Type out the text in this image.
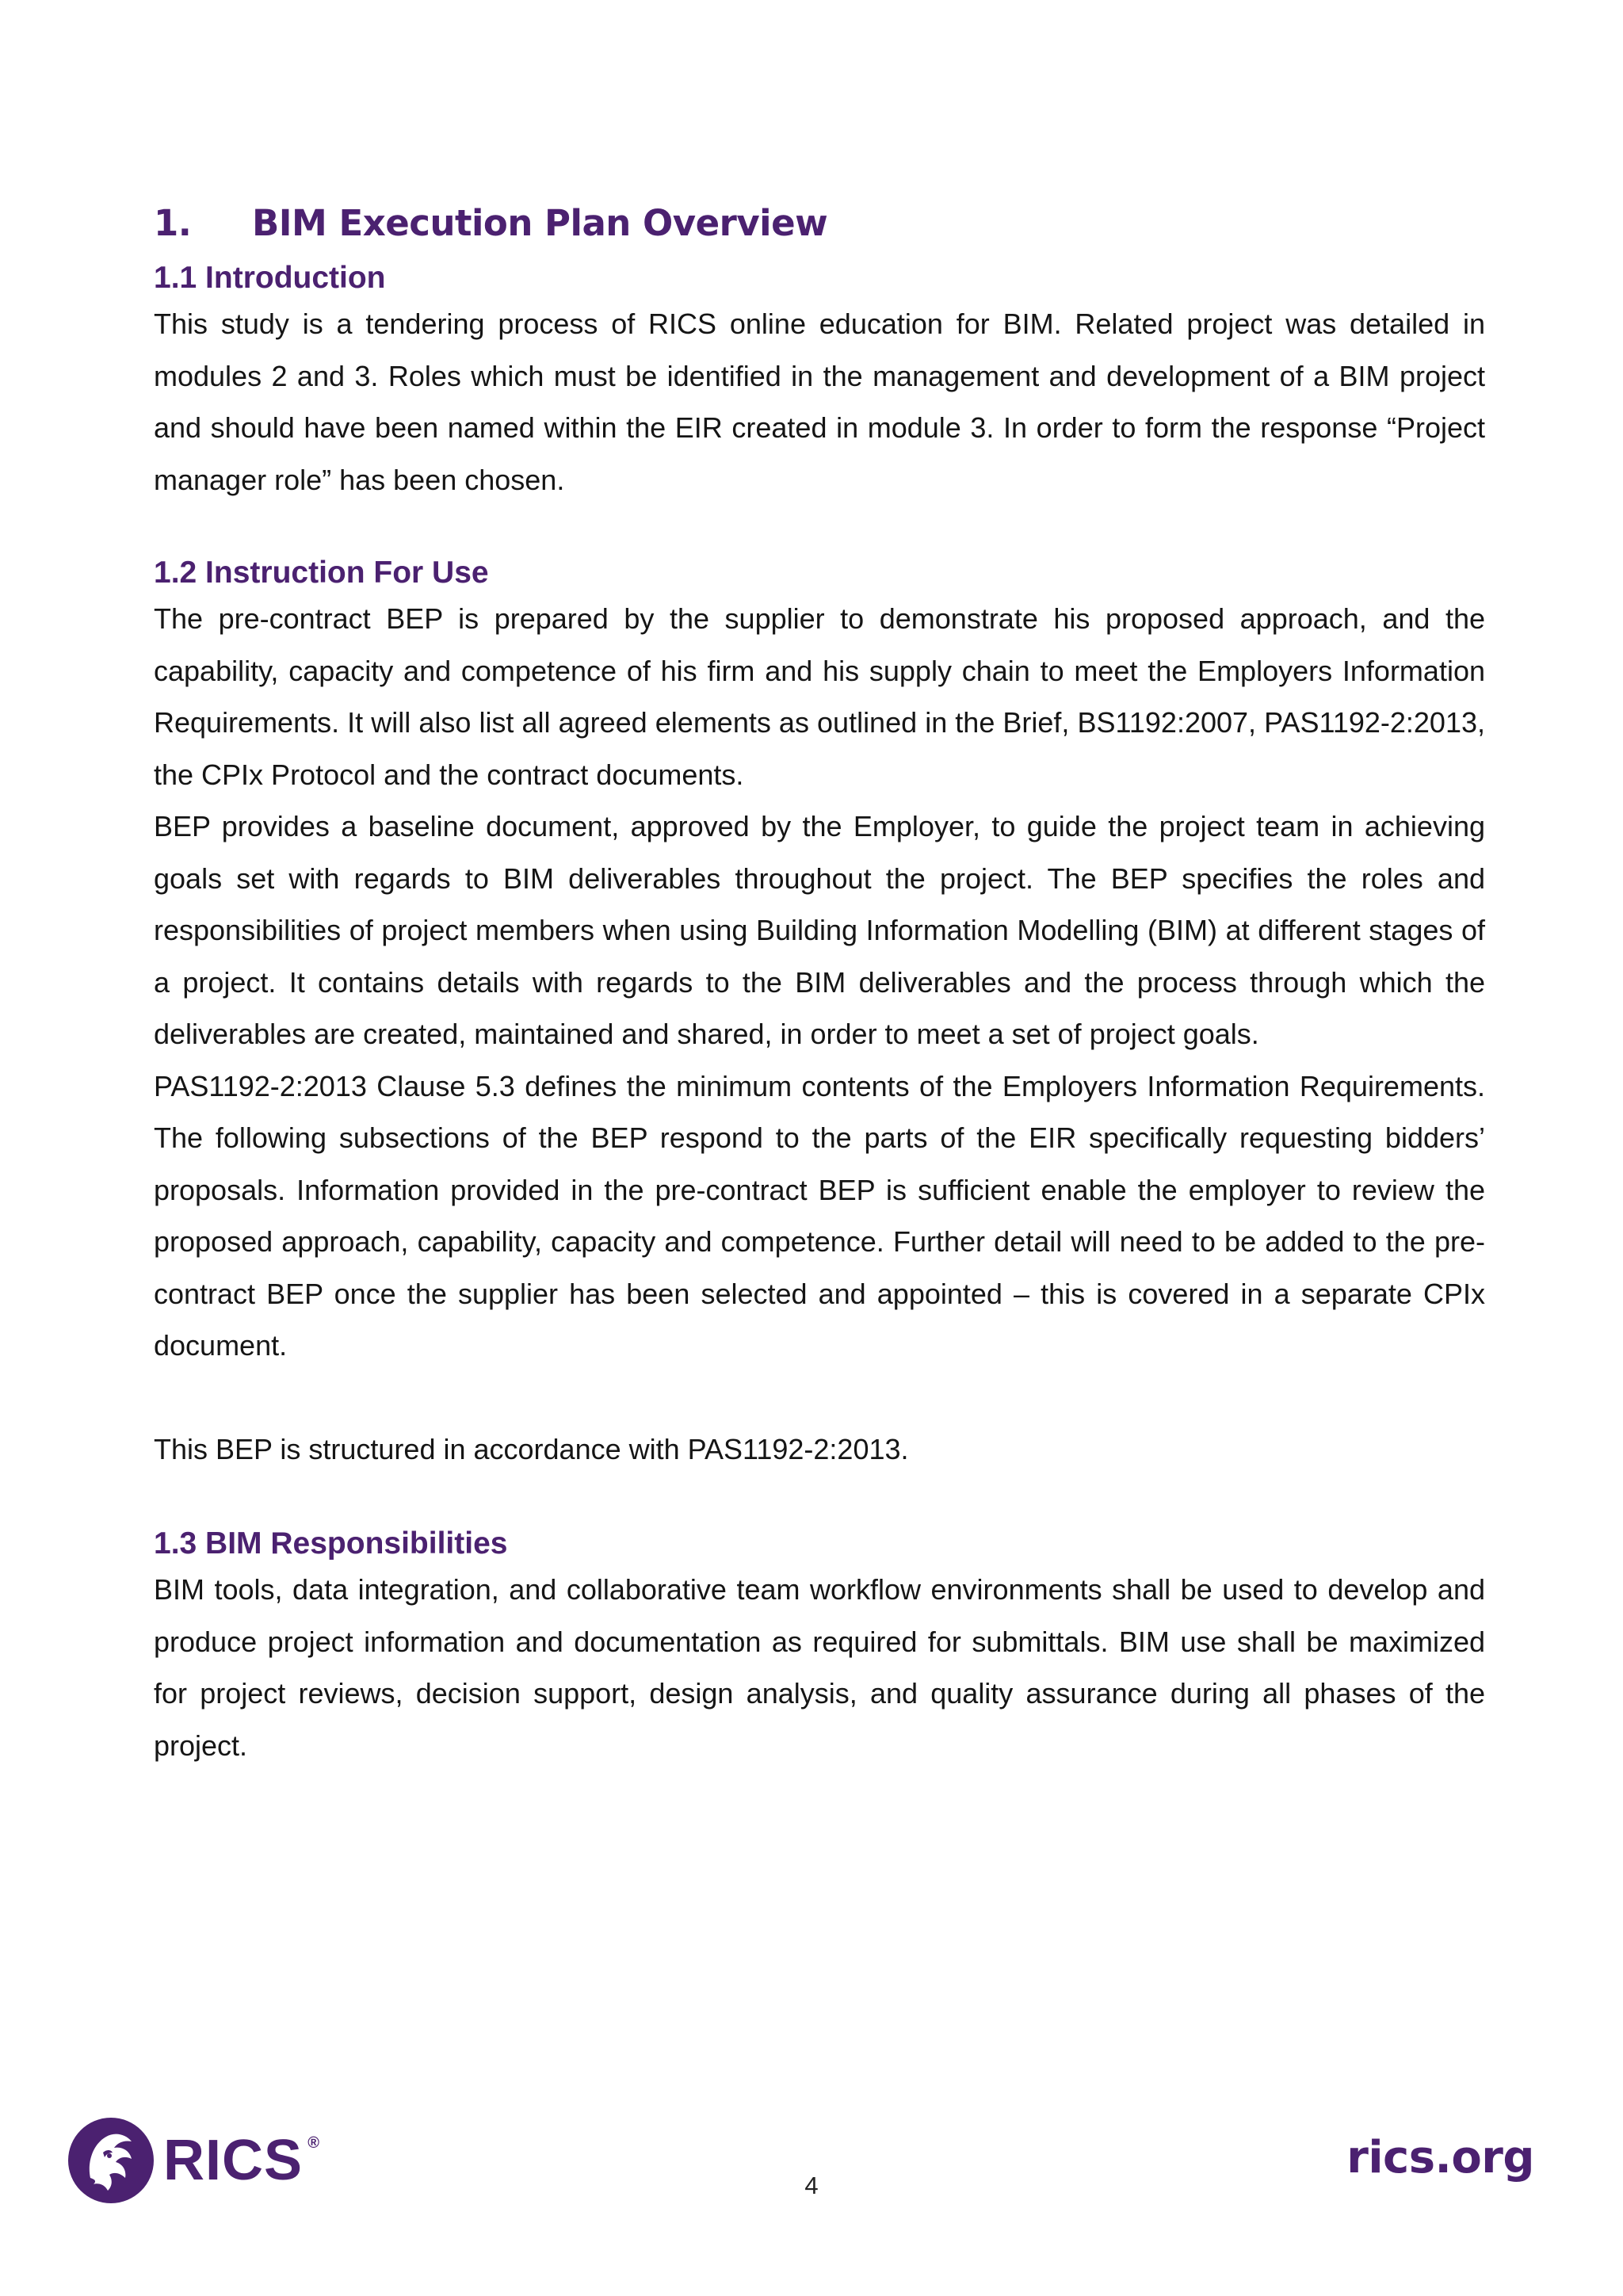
1.	BIM Execution Plan Overview
1.1 Introduction

This study is a tendering process of RICS online education for BIM. Related project was detailed in modules 2 and 3. Roles which must be identified in the management and development of a BIM project and should have been named within the EIR created in module 3. In order to form the response “Project manager role” has been chosen.

1.2 Instruction For Use

The pre-contract BEP is prepared by the supplier to demonstrate his proposed approach, and the capability, capacity and competence of his firm and his supply chain to meet the Employers Information Requirements. It will also list all agreed elements as outlined in the Brief, BS1192:2007, PAS1192-2:2013, the CPIx Protocol and the contract documents.

BEP provides a baseline document, approved by the Employer, to guide the project team in achieving goals set with regards to BIM deliverables throughout the project. The BEP specifies the roles and responsibilities of project members when using Building Information Modelling (BIM) at different stages of a project. It contains details with regards to the BIM deliverables and the process through which the deliverables are created, maintained and shared, in order to meet a set of project goals.

PAS1192-2:2013 Clause 5.3 defines the minimum contents of the Employers Information Requirements. The following subsections of the BEP respond to the parts of the EIR specifically requesting bidders’ proposals. Information provided in the pre-contract BEP is sufficient enable the employer to review the proposed approach, capability, capacity and competence. Further detail will need to be added to the pre-contract BEP once the supplier has been selected and appointed – this is covered in a separate CPIx document.

This BEP is structured in accordance with PAS1192-2:2013.

1.3 BIM Responsibilities

BIM tools, data integration, and collaborative team workflow environments shall be used to develop and produce project information and documentation as required for submittals. BIM use shall be maximized for project reviews, decision support, design analysis, and quality assurance during all phases of the project.

RICS ®
4
rics.org
